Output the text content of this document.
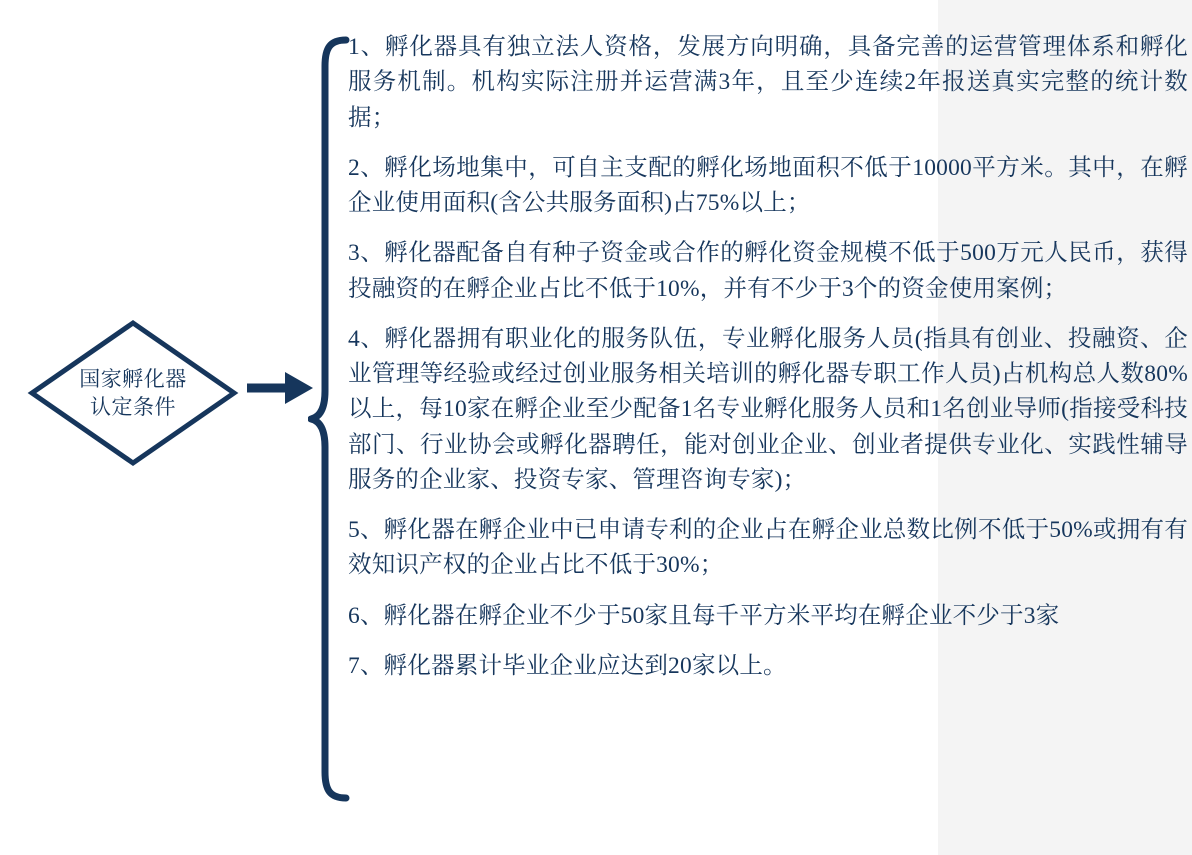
国家孵化器
认定条件
1、孵化器具有独立法人资格，发展方向明确，具备完善的运营管理体系和孵化服务机制。机构实际注册并运营满3年，且至少连续2年报送真实完整的统计数据；
2、孵化场地集中，可自主支配的孵化场地面积不低于10000平方米。其中，在孵企业使用面积(含公共服务面积)占75%以上；
3、孵化器配备自有种子资金或合作的孵化资金规模不低于500万元人民币，获得投融资的在孵企业占比不低于10%，并有不少于3个的资金使用案例；
4、孵化器拥有职业化的服务队伍，专业孵化服务人员(指具有创业、投融资、企业管理等经验或经过创业服务相关培训的孵化器专职工作人员)占机构总人数80%以上，每10家在孵企业至少配备1名专业孵化服务人员和1名创业导师(指接受科技部门、行业协会或孵化器聘任，能对创业企业、创业者提供专业化、实践性辅导服务的企业家、投资专家、管理咨询专家)；
5、孵化器在孵企业中已申请专利的企业占在孵企业总数比例不低于50%或拥有有效知识产权的企业占比不低于30%；
6、孵化器在孵企业不少于50家且每千平方米平均在孵企业不少于3家
7、孵化器累计毕业企业应达到20家以上。
